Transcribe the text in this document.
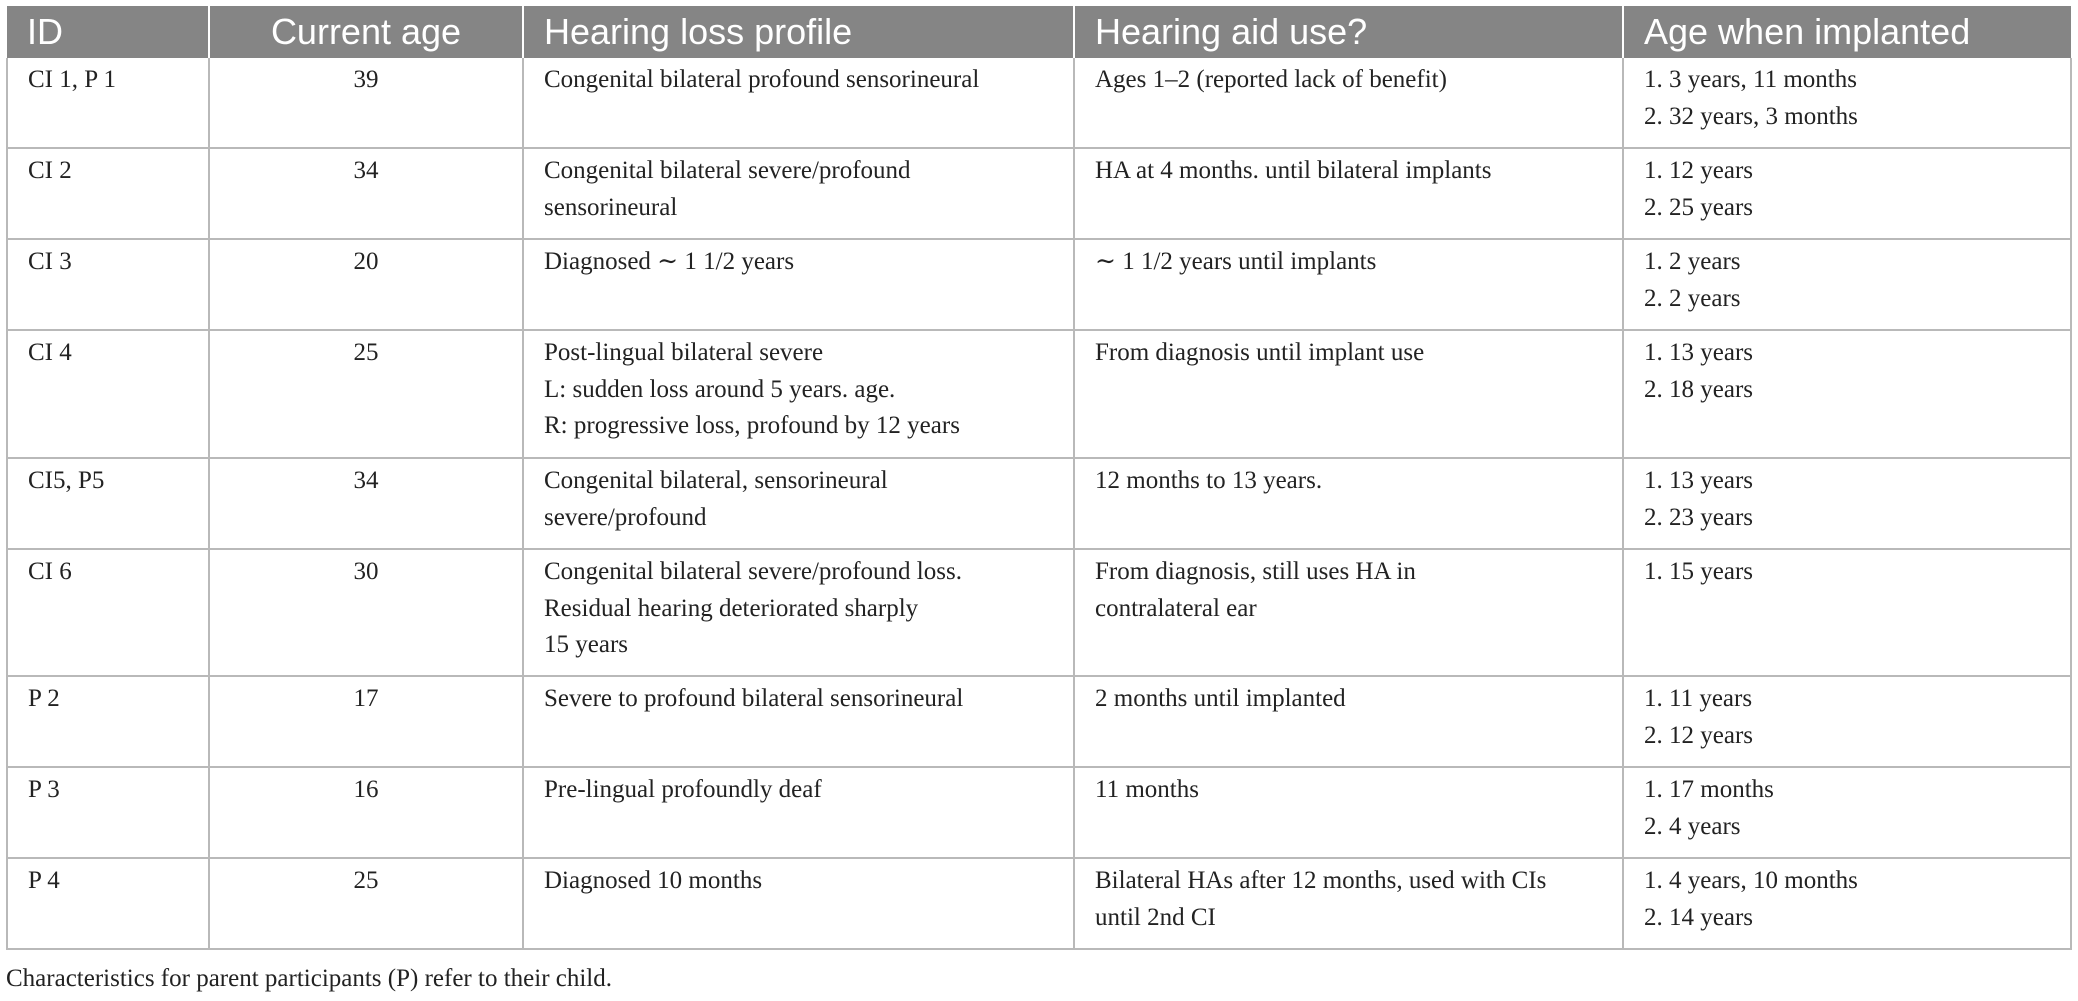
ID	Current age	Hearing loss profile	Hearing aid use?	Age when implanted
CI 1, P 1	39	Congenital bilateral profound sensorineural	Ages 1–2 (reported lack of benefit)	1. 3 years, 11 months
2. 32 years, 3 months

CI 2	34	Congenital bilateral severe/profound
sensorineural	HA at 4 months. until bilateral implants	1. 12 years
2. 25 years

CI 3	20	Diagnosed ∼ 1 1/2 years	∼ 1 1/2 years until implants	1. 2 years
2. 2 years

CI 4	25	Post-lingual bilateral severe
L: sudden loss around 5 years. age.
R: progressive loss, profound by 12 years	From diagnosis until implant use	1. 13 years
2. 18 years

CI5, P5	34	Congenital bilateral, sensorineural
severe/profound	12 months to 13 years.	1. 13 years
2. 23 years

CI 6	30	Congenital bilateral severe/profound loss.
Residual hearing deteriorated sharply
15 years	From diagnosis, still uses HA in
contralateral ear	1. 15 years

P 2	17	Severe to profound bilateral sensorineural	2 months until implanted	1. 11 years
2. 12 years

P 3	16	Pre-lingual profoundly deaf	11 months	1. 17 months
2. 4 years

P 4	25	Diagnosed 10 months	Bilateral HAs after 12 months, used with CIs
until 2nd CI	1. 4 years, 10 months
2. 14 years
Characteristics for parent participants (P) refer to their child.
